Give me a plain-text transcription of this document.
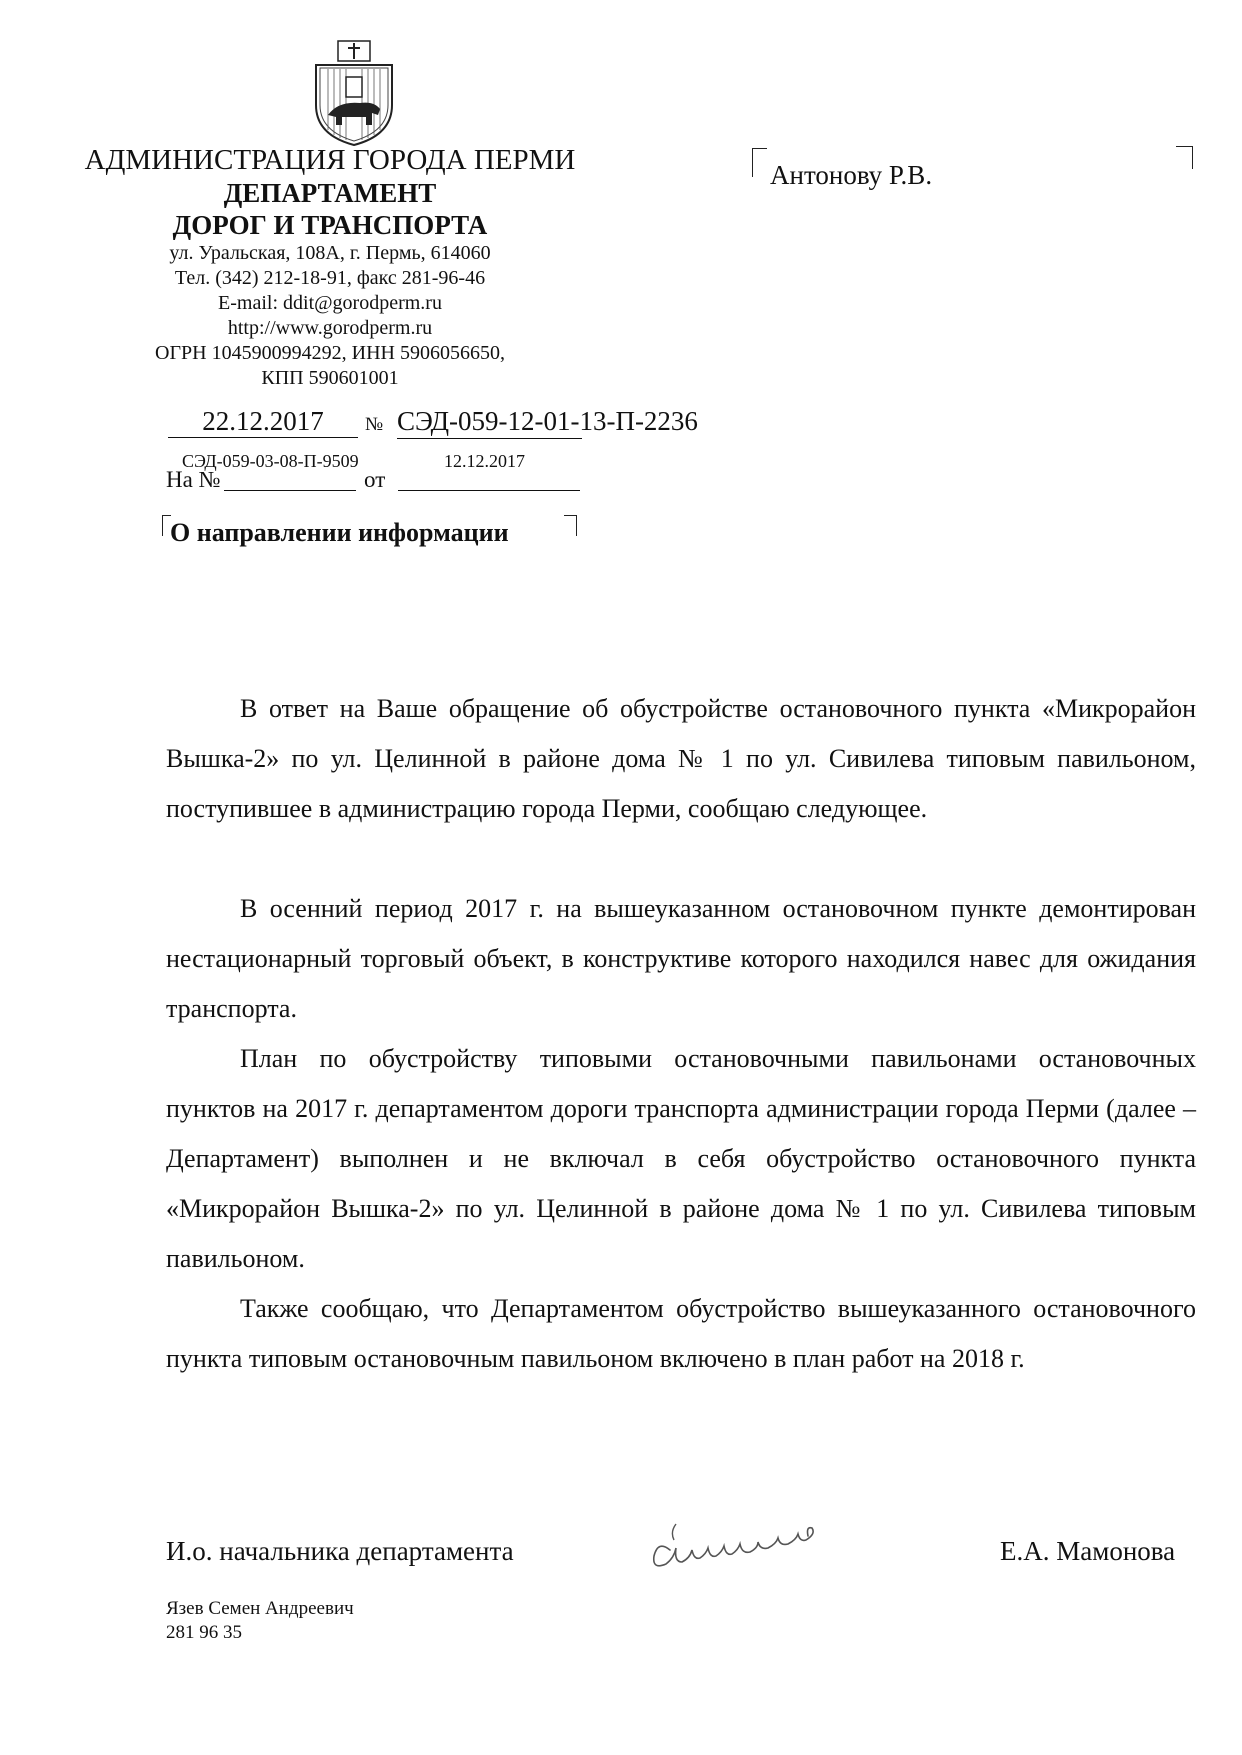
АДМИНИСТРАЦИЯ ГОРОДА ПЕРМИ
ДЕПАРТАМЕНТ
ДОРОГ И ТРАНСПОРТА
ул. Уральская, 108А, г. Пермь, 614060
Тел. (342) 212-18-91, факс 281-96-46
E-mail: ddit@gorodperm.ru
http://www.gorodperm.ru
ОГРН 1045900994292, ИНН 5906056650,
КПП 590601001
Антонову Р.В.
22.12.2017	№ СЭД-059-12-01-13-П-2236
СЭД-059-03-08-П-9509	12.12.2017
На №	от
О направлении информации
В ответ на Ваше обращение об обустройстве остановочного пункта «Микрорайон Вышка-2» по ул. Целинной в районе дома № 1 по ул. Сивилева типовым павильоном, поступившее в администрацию города Перми, сообщаю следующее.
В осенний период 2017 г. на вышеуказанном остановочном пункте демонтирован нестационарный торговый объект, в конструктиве которого находился навес для ожидания транспорта.
План по обустройству типовыми остановочными павильонами остановочных пунктов на 2017 г. департаментом дороги транспорта администрации города Перми (далее – Департамент) выполнен и не включал в себя обустройство остановочного пункта «Микрорайон Вышка-2» по ул. Целинной в районе дома № 1 по ул. Сивилева типовым павильоном.
Также сообщаю, что Департаментом обустройство вышеуказанного остановочного пункта типовым остановочным павильоном включено в план работ на 2018 г.
И.о. начальника департамента	Е.А. Мамонова
Язев Семен Андреевич
281 96 35
